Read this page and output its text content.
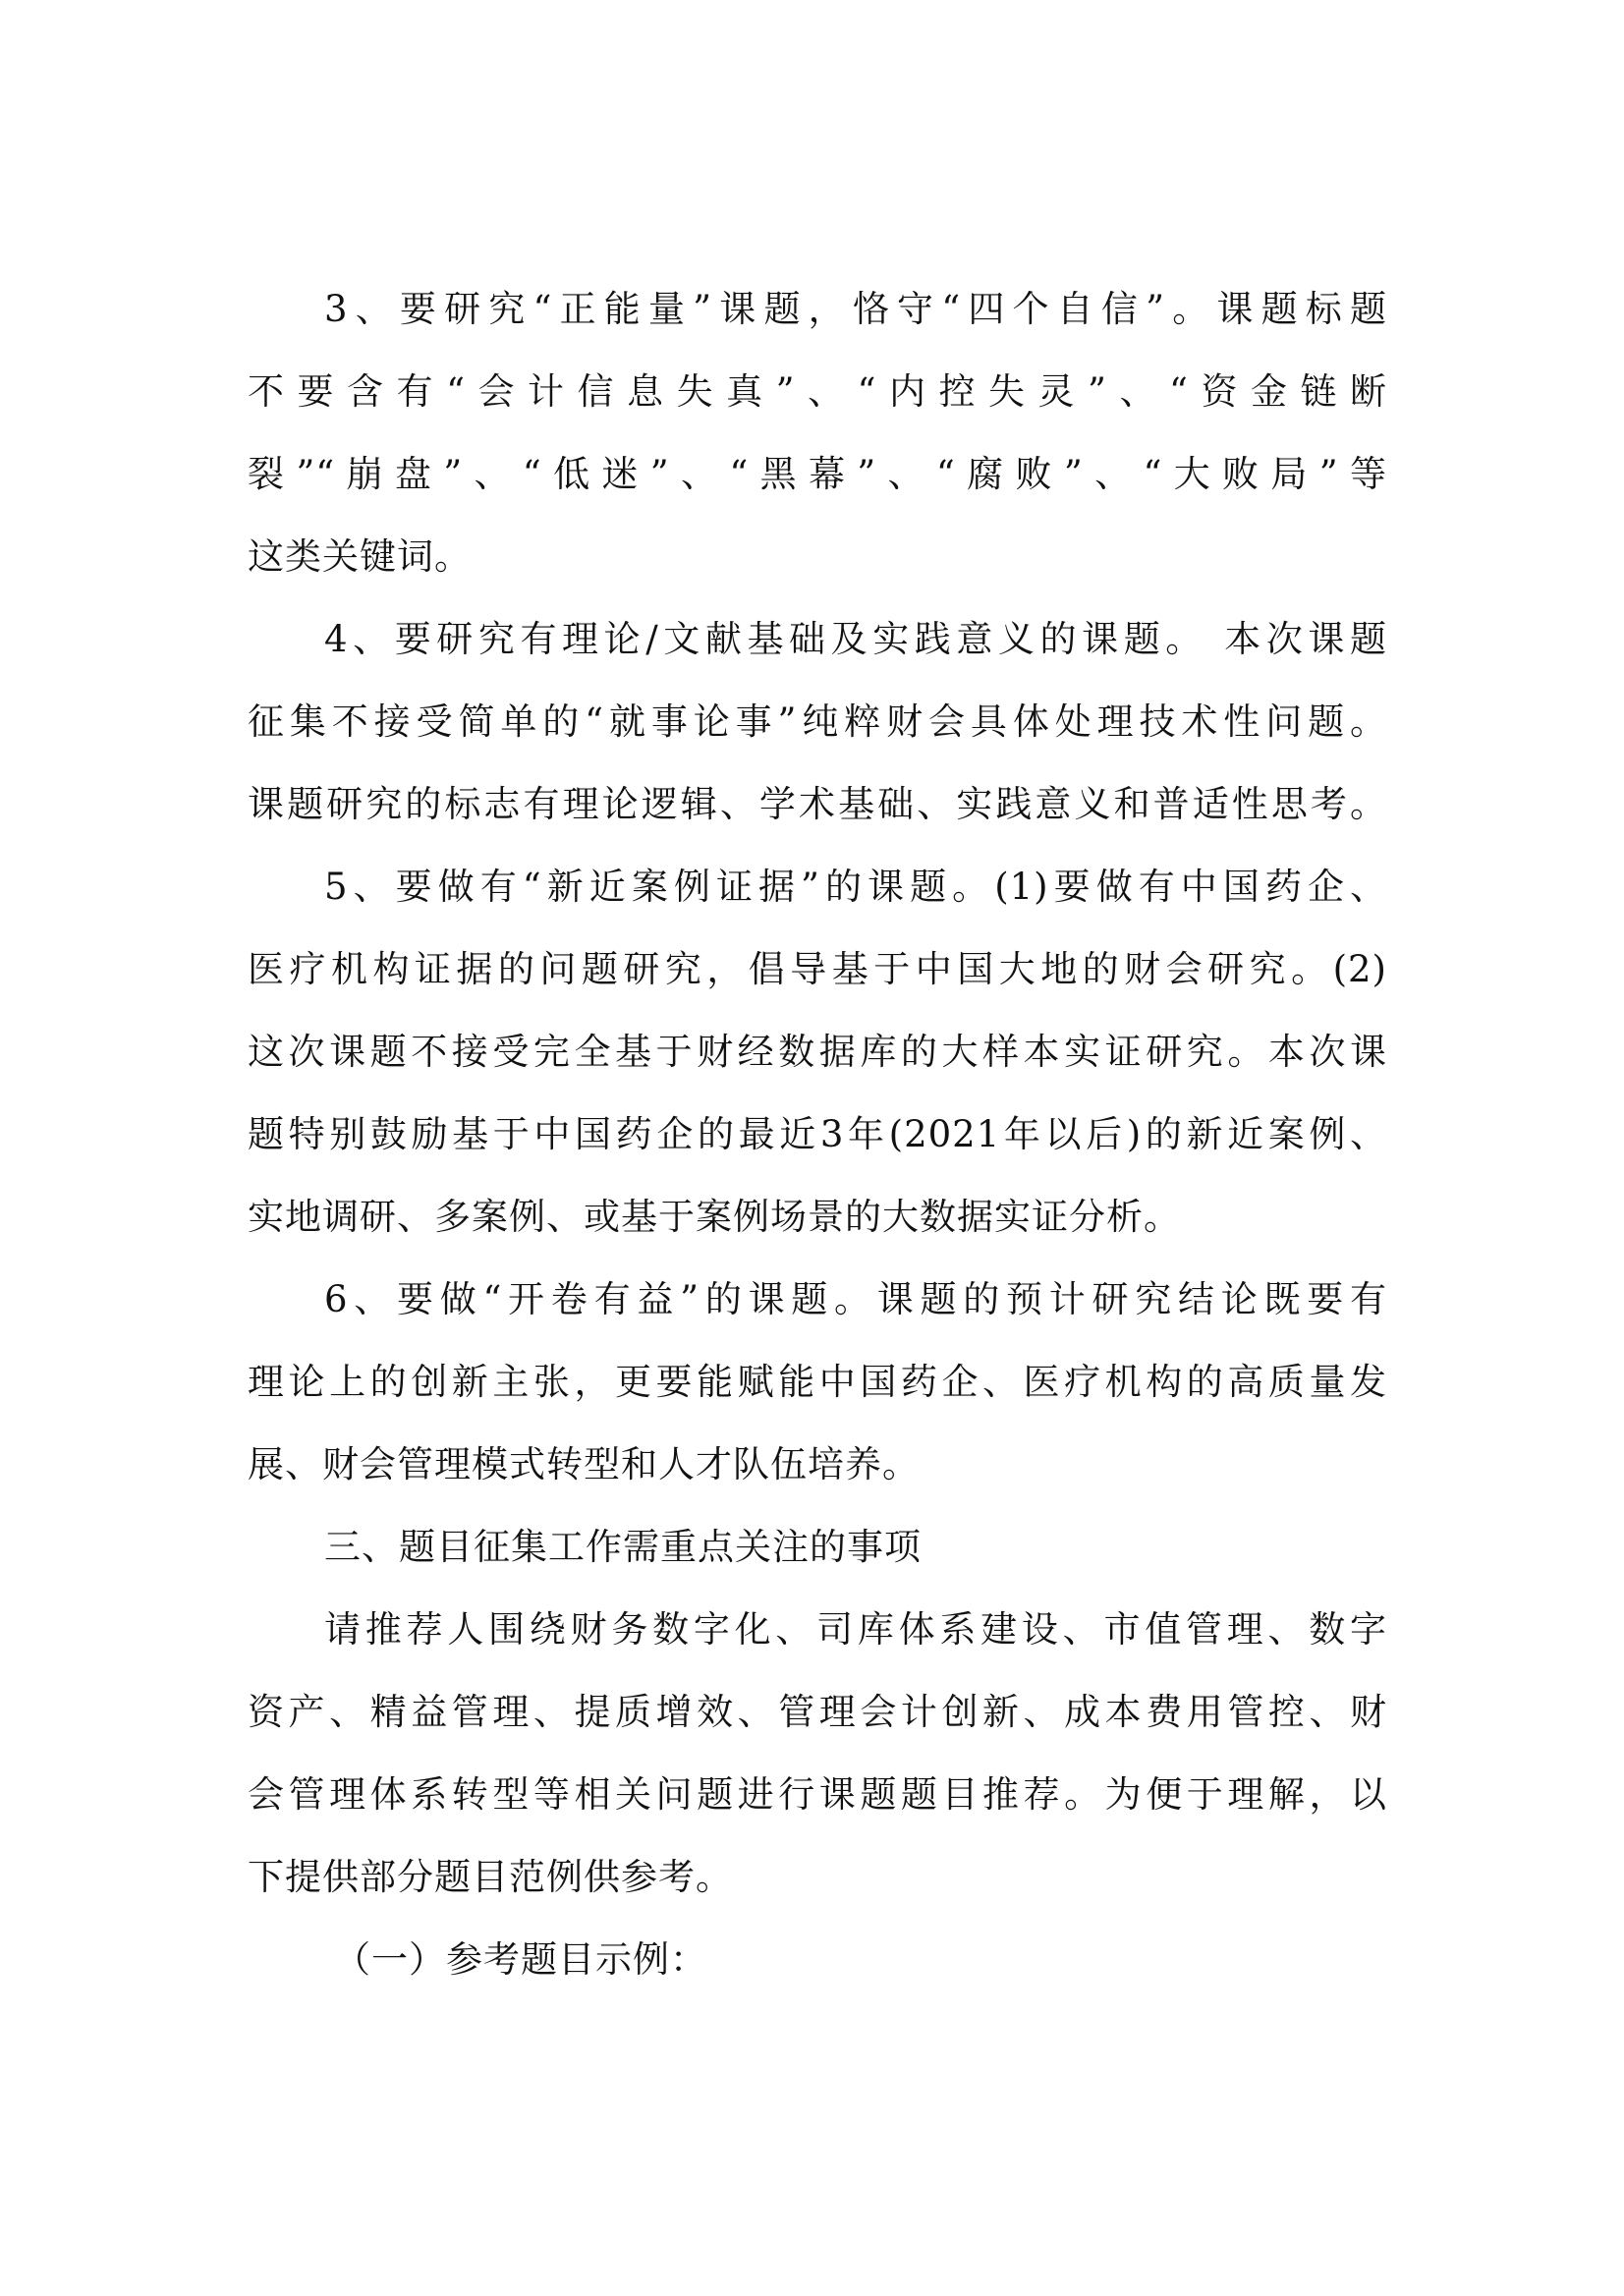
3、要研究“正能量”课题，恪守“四个自信”。课题标题
不要含有“会计信息失真”、“内控失灵”、“资金链断
裂”“崩盘”、“低迷”、“黑幕”、“腐败”、“大败局”等
这类关键词。
4、要研究有理论/文献基础及实践意义的课题。 本次课题
征集不接受简单的“就事论事”纯粹财会具体处理技术性问题。
课题研究的标志有理论逻辑、学术基础、实践意义和普适性思考。
5、要做有“新近案例证据”的课题。(1)要做有中国药企、
医疗机构证据的问题研究，倡导基于中国大地的财会研究。(2)
这次课题不接受完全基于财经数据库的大样本实证研究。本次课
题特别鼓励基于中国药企的最近3年(2021年以后)的新近案例、
实地调研、多案例、或基于案例场景的大数据实证分析。
6、要做“开卷有益”的课题。课题的预计研究结论既要有
理论上的创新主张，更要能赋能中国药企、医疗机构的高质量发
展、财会管理模式转型和人才队伍培养。
三、题目征集工作需重点关注的事项
请推荐人围绕财务数字化、司库体系建设、市值管理、数字
资产、精益管理、提质增效、管理会计创新、成本费用管控、财
会管理体系转型等相关问题进行课题题目推荐。为便于理解，以
下提供部分题目范例供参考。
（一）参考题目示例：
